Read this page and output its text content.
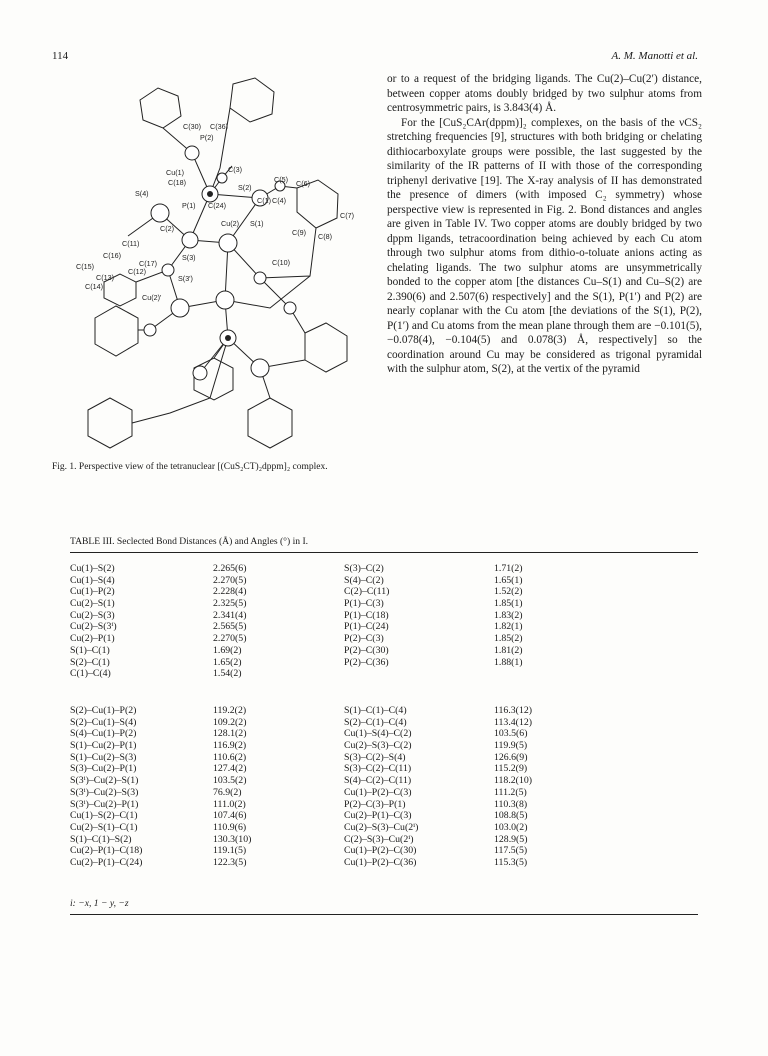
114	A. M. Manotti et al.
C(30) C(36)
P(2)
C(3)
Cu(1)
S(2)
C(5) C(6)
C(18)
S(4)
P(1) C(24)
C(1) C(4)
C(7)
C(2)
Cu(2) S(1)
C(9) C(8)
C(11)
C(16)
C(17)
S(3)
C(10)
C(15)
C(12)
C(13)
C(14)
S(3')
Cu(2)'
Fig. 1. Perspective view of the tetranuclear [(CuS₂CT)₂dppm]₂ complex.

or to a request of the bridging ligands. The Cu(2)–Cu(2′) distance, between copper atoms doubly bridged by two sulphur atoms from centrosymmetric pairs, is 3.843(4) Å.

For the [CuS₂CAr(dppm)]₂ complexes, on the basis of the νCS₂ stretching frequencies [9], structures with both bridging or chelating dithiocarboxylate groups were possible, the last suggested by the similarity of the IR patterns of II with those of the corresponding triphenyl derivative [19]. The X-ray analysis of II has demonstrated the presence of dimers (with imposed C₂ symmetry) whose perspective view is represented in Fig. 2. Bond distances and angles are given in Table IV. Two copper atoms are doubly bridged by two dppm ligands, tetracoordination being achieved by each Cu atom through two sulphur atoms from dithio-o-toluate anions acting as chelating ligands. The two sulphur atoms are unsymmetrically bonded to the copper atom [the distances Cu–S(1) and Cu–S(2) are 2.390(6) and 2.507(6) respectively] and the S(1), P(1′) and P(2) are nearly coplanar with the Cu atom [the deviations of the S(1), P(2), P(1′) and Cu atoms from the mean plane through them are −0.101(5), −0.078(4), −0.104(5) and 0.078(3) Å, respectively] so the coordination around Cu may be considered as trigonal pyramidal with the sulphur atom, S(2), at the vertix of the pyramid

TABLE III. Seclected Bond Distances (Å) and Angles (°) in I.
Cu(1)–S(2)	2.265(6)	S(3)–C(2)	1.71(2)
Cu(1)–S(4)	2.270(5)	S(4)–C(2)	1.65(1)
Cu(1)–P(2)	2.228(4)	C(2)–C(11)	1.52(2)
Cu(2)–S(1)	2.325(5)	P(1)–C(3)	1.85(1)
Cu(2)–S(3)	2.341(4)	P(1)–C(18)	1.83(2)
Cu(2)–S(3ⁱ)	2.565(5)	P(1)–C(24)	1.82(1)
Cu(2)–P(1)	2.270(5)	P(2)–C(3)	1.85(2)
S(1)–C(1)	1.69(2)	P(2)–C(30)	1.81(2)
S(2)–C(1)	1.65(2)	P(2)–C(36)	1.88(1)
C(1)–C(4)	1.54(2)
S(2)–Cu(1)–P(2)	119.2(2)	S(1)–C(1)–C(4)	116.3(12)
S(2)–Cu(1)–S(4)	109.2(2)	S(2)–C(1)–C(4)	113.4(12)
S(4)–Cu(1)–P(2)	128.1(2)	Cu(1)–S(4)–C(2)	103.5(6)
S(1)–Cu(2)–P(1)	116.9(2)	Cu(2)–S(3)–C(2)	119.9(5)
S(1)–Cu(2)–S(3)	110.6(2)	S(3)–C(2)–S(4)	126.6(9)
S(3)–Cu(2)–P(1)	127.4(2)	S(3)–C(2)–C(11)	115.2(9)
S(3ⁱ)–Cu(2)–S(1)	103.5(2)	S(4)–C(2)–C(11)	118.2(10)
S(3ⁱ)–Cu(2)–S(3)	76.9(2)	Cu(1)–P(2)–C(3)	111.2(5)
S(3ⁱ)–Cu(2)–P(1)	111.0(2)	P(2)–C(3)–P(1)	110.3(8)
Cu(1)–S(2)–C(1)	107.4(6)	Cu(2)–P(1)–C(3)	108.8(5)
Cu(2)–S(1)–C(1)	110.9(6)	Cu(2)–S(3)–Cu(2ⁱ)	103.0(2)
S(1)–C(1)–S(2)	130.3(10)	C(2)–S(3)–Cu(2ⁱ)	128.9(5)
Cu(2)–P(1)–C(18)	119.1(5)	Cu(1)–P(2)–C(30)	117.5(5)
Cu(2)–P(1)–C(24)	122.3(5)	Cu(1)–P(2)–C(36)	115.3(5)
i: −x, 1 − y, −z
